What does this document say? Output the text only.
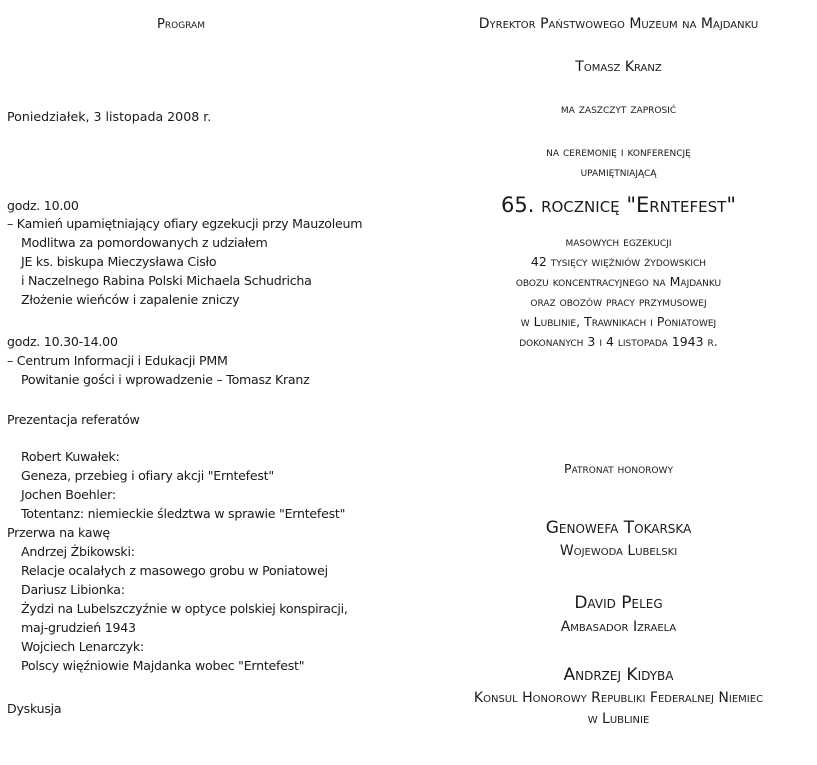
Program
Poniedziałek, 3 listopada 2008 r.
godz. 10.00
– Kamień upamiętniający ofiary egzekucji przy Mauzoleum
Modlitwa za pomordowanych z udziałem
JE ks. biskupa Mieczysława Cisło
i Naczelnego Rabina Polski Michaela Schudricha
Złożenie wieńców i zapalenie zniczy
godz. 10.30-14.00
– Centrum Informacji i Edukacji PMM
Powitanie gości i wprowadzenie – Tomasz Kranz
Prezentacja referatów
Robert Kuwałek:
Geneza, przebieg i ofiary akcji "Erntefest"
Jochen Boehler:
Totentanz: niemieckie śledztwa w sprawie "Erntefest"
Przerwa na kawę
Andrzej Żbikowski:
Relacje ocalałych z masowego grobu w Poniatowej
Dariusz Libionka:
Żydzi na Lubelszczyźnie w optyce polskiej konspiracji,
maj-grudzień 1943
Wojciech Lenarczyk:
Polscy więźniowie Majdanka wobec "Erntefest"
Dyskusja
Dyrektor Państwowego Muzeum na Majdanku
Tomasz Kranz
ma zaszczyt zaprosić
na ceremonię i konferencję
upamiętniającą
65. rocznicę "Erntefest"
masowych egzekucji
42 tysięcy więźniów żydowskich
obozu koncentracyjnego na Majdanku
oraz obozów pracy przymusowej
w Lublinie, Trawnikach i Poniatowej
dokonanych 3 i 4 listopada 1943 r.
Patronat honorowy
Genowefa Tokarska
Wojewoda Lubelski
David Peleg
Ambasador Izraela
Andrzej Kidyba
Konsul Honorowy Republiki Federalnej Niemiec
w Lublinie
